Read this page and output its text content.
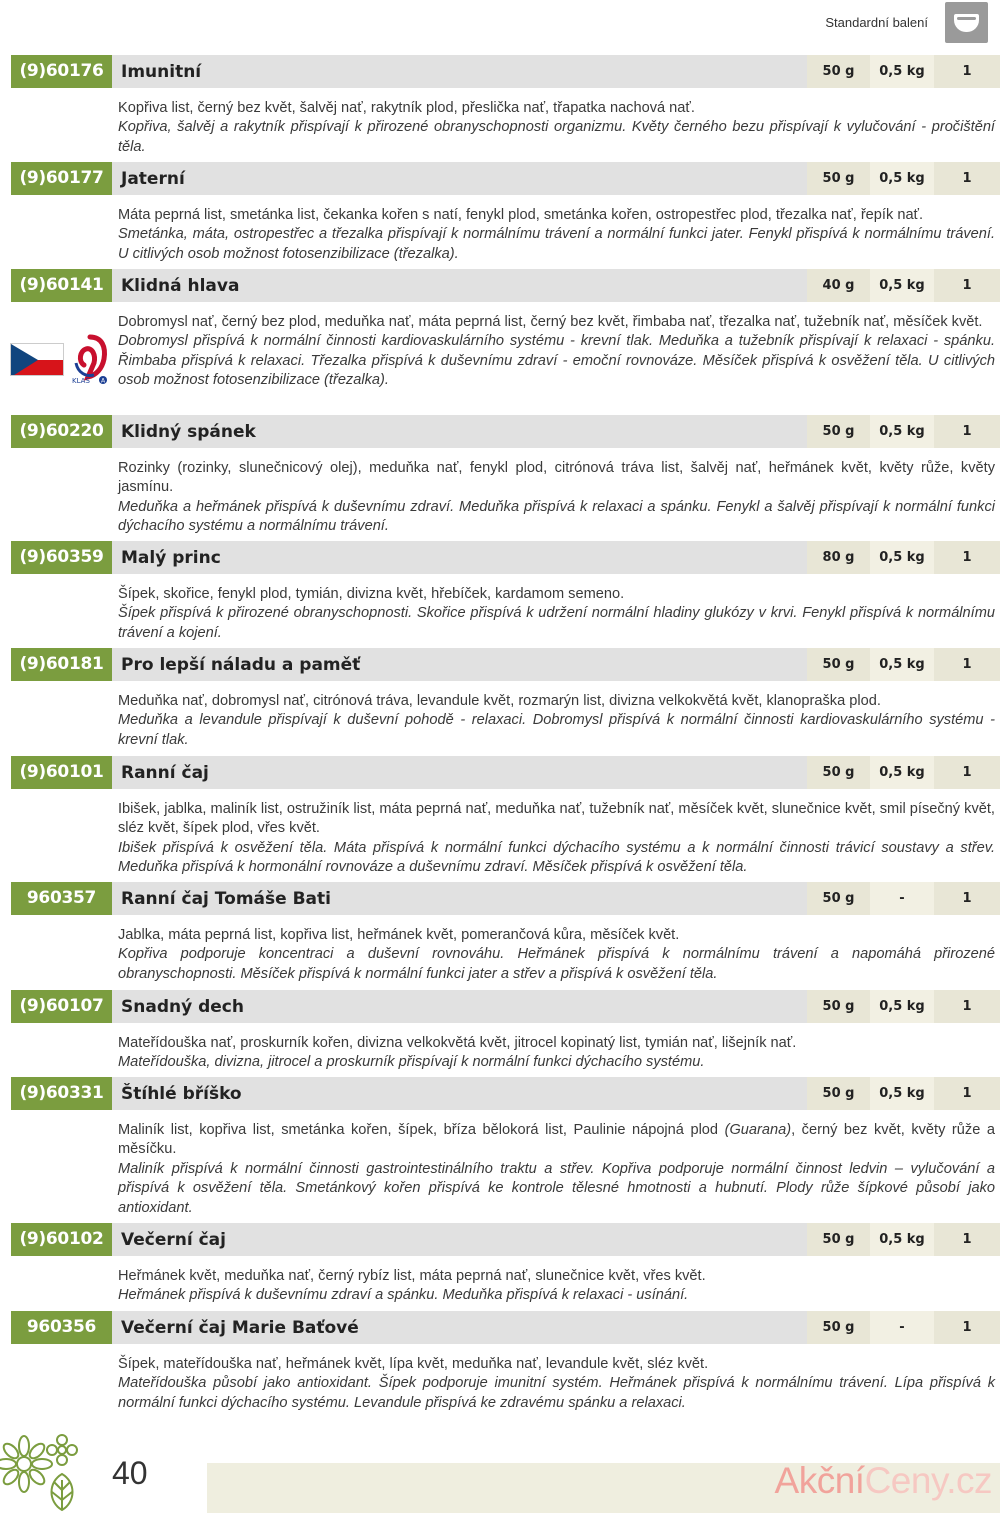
Standardní balení
(9)60176	Imunitní	50 g	0,5 kg	1
Kopřiva list, černý bez květ, šalvěj nať, rakytník plod, přeslička nať, třapatka nachová nať.
Kopřiva, šalvěj a rakytník přispívají k přirozené obranyschopnosti organizmu. Květy černého bezu přispívají k vylučování - pročištění těla.
(9)60177	Jaterní	50 g	0,5 kg	1
Máta peprná list, smetánka list, čekanka kořen s natí, fenykl plod, smetánka kořen, ostropestřec plod, třezalka nať, řepík nať.
Smetánka, máta, ostropestřec a třezalka přispívají k normálnímu trávení a normální funkci jater. Fenykl přispívá k normálnímu trávení. U citlivých osob možnost fotosenzibilizace (třezalka).
(9)60141	Klidná hlava	40 g	0,5 kg	1
Dobromysl nať, černý bez plod, meduňka nať, máta peprná list, černý bez květ, řimbaba nať, třezalka nať, tužebník nať, měsíček květ.
Dobromysl přispívá k normální činnosti kardiovaskulárního systému - krevní tlak. Meduňka a tužebník přispívají k relaxaci - spánku. Řimbaba přispívá k relaxaci. Třezalka přispívá k duševnímu zdraví - emoční rovnováze. Měsíček přispívá k osvěžení těla. U citlivých osob možnost fotosenzibilizace (třezalka).
KLAS A
(9)60220	Klidný spánek	50 g	0,5 kg	1
Rozinky (rozinky, slunečnicový olej), meduňka nať, fenykl plod, citrónová tráva list, šalvěj nať, heřmánek květ, květy růže, květy jasmínu.
Meduňka a heřmánek přispívá k duševnímu zdraví. Meduňka přispívá k relaxaci a spánku. Fenykl a šalvěj přispívají k normální funkci dýchacího systému a normálnímu trávení.
(9)60359	Malý princ	80 g	0,5 kg	1
Šípek, skořice, fenykl plod, tymián, divizna květ, hřebíček, kardamom semeno.
Šípek přispívá k přirozené obranyschopnosti. Skořice přispívá k udržení normální hladiny glukózy v krvi. Fenykl přispívá k normálnímu trávení a kojení.
(9)60181	Pro lepší náladu a paměť	50 g	0,5 kg	1
Meduňka nať, dobromysl nať, citrónová tráva, levandule květ, rozmarýn list, divizna velkokvětá květ, klanopraška plod.
Meduňka a levandule přispívají k duševní pohodě - relaxaci. Dobromysl přispívá k normální činnosti kardiovaskulárního systému - krevní tlak.
(9)60101	Ranní čaj	50 g	0,5 kg	1
Ibišek, jablka, maliník list, ostružiník list, máta peprná nať, meduňka nať, tužebník nať, měsíček květ, slunečnice květ, smil písečný květ, sléz květ, šípek plod, vřes květ.
Ibišek přispívá k osvěžení těla. Máta přispívá k normální funkci dýchacího systému a k normální činnosti trávicí soustavy a střev. Meduňka přispívá k hormonální rovnováze a duševnímu zdraví. Měsíček přispívá k osvěžení těla.
960357	Ranní čaj Tomáše Bati	50 g	-	1
Jablka, máta peprná list, kopřiva list, heřmánek květ, pomerančová kůra, měsíček květ.
Kopřiva podporuje koncentraci a duševní rovnováhu. Heřmánek přispívá k normálnímu trávení a napomáhá přirozené obranyschopnosti. Měsíček přispívá k normální funkci jater a střev a přispívá k osvěžení těla.
(9)60107	Snadný dech	50 g	0,5 kg	1
Mateřídouška nať, proskurník kořen, divizna velkokvětá květ, jitrocel kopinatý list, tymián nať, lišejník nať.
Mateřídouška, divizna, jitrocel a proskurník přispívají k normální funkci dýchacího systému.
(9)60331	Štíhlé bříško	50 g	0,5 kg	1
Maliník list, kopřiva list, smetánka kořen, šípek, bříza bělokorá list, Paulinie nápojná plod (Guarana), černý bez květ, květy růže a měsíčku.
Maliník přispívá k normální činnosti gastrointestinálního traktu a střev. Kopřiva podporuje normální činnost ledvin – vylučování a přispívá k osvěžení těla. Smetánkový kořen přispívá ke kontrole tělesné hmotnosti a hubnutí. Plody růže šípkové působí jako antioxidant.
(9)60102	Večerní čaj	50 g	0,5 kg	1
Heřmánek květ, meduňka nať, černý rybíz list, máta peprná nať, slunečnice květ, vřes květ.
Heřmánek přispívá k duševnímu zdraví a spánku. Meduňka přispívá k relaxaci - usínání.
960356	Večerní čaj Marie Baťové	50 g	-	1
Šípek, mateřídouška nať, heřmánek květ, lípa květ, meduňka nať, levandule květ, sléz květ.
Mateřídouška působí jako antioxidant. Šípek podporuje imunitní systém. Heřmánek přispívá k normálnímu trávení. Lípa přispívá k normální funkci dýchacího systému. Levandule přispívá ke zdravému spánku a relaxaci.
40	AkčníCeny.cz
